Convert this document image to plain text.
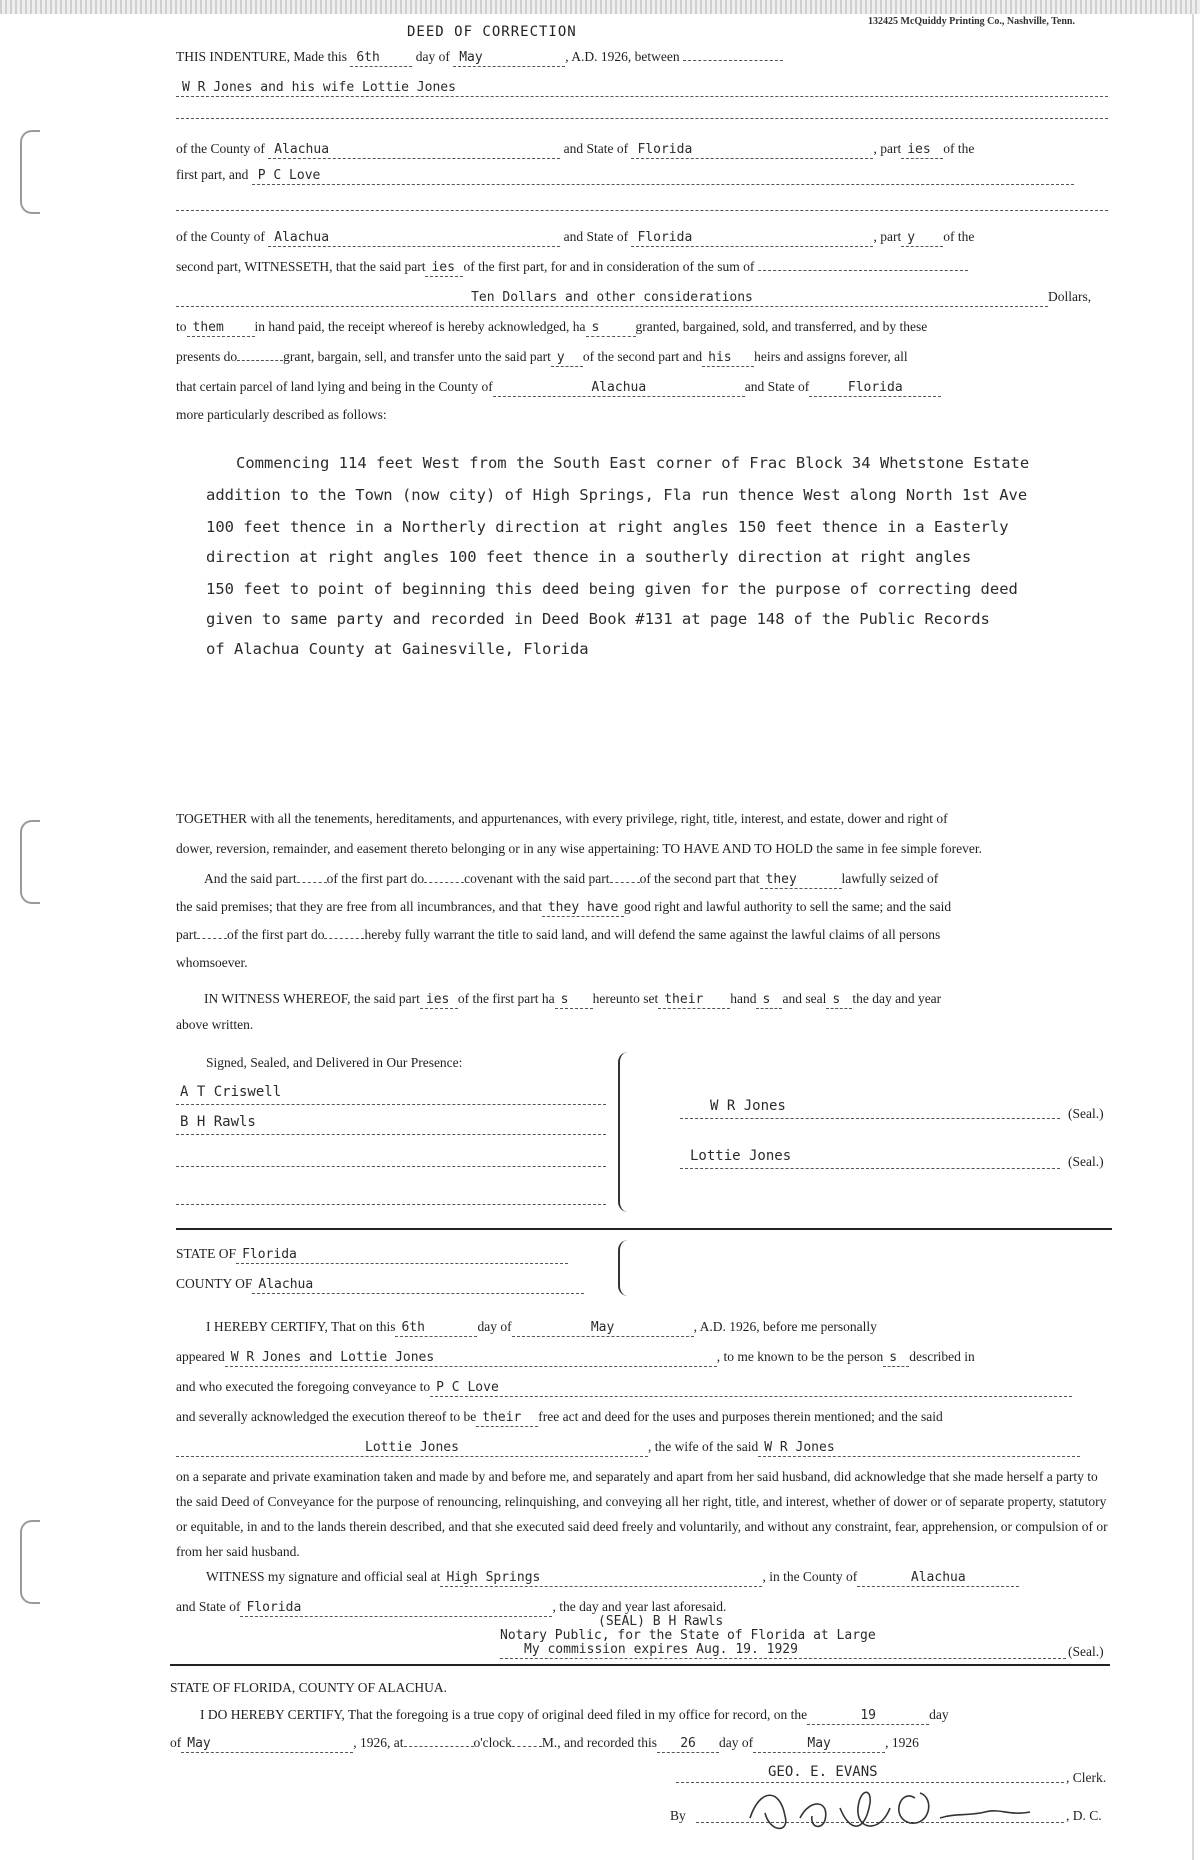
132425 McQuiddy Printing Co., Nashville, Tenn.
DEED OF CORRECTION
THIS INDENTURE, Made this 6th	day of May	, A.D. 1926, between
W R Jones and his wife Lottie Jones
of the County of Alachua	and State of Florida	, part ies of the
first part, and P C Love
of the County of Alachua	and State of Florida	, part y of the
second part, WITNESSETH, that the said part ies of the first part, for and in consideration of the sum of
Ten Dollars and other considerations	Dollars,
to them in hand paid, the receipt whereof is hereby acknowledged, ha s	granted, bargained, sold, and transferred, and by these
presents do	grant, bargain, sell, and transfer unto the said part y of the second part and his heirs and assigns forever, all
that certain parcel of land lying and being in the County of	Alachua	and State of	Florida
more particularly described as follows:
Commencing 114 feet West from the South East corner of Frac Block 34 Whetstone Estate
addition to the Town (now city) of High Springs, Fla run thence West along North 1st Ave
100 feet thence in a Northerly direction at right angles 150 feet thence in a Easterly
direction at right angles 100 feet thence in a southerly direction at right angles
150 feet to point of beginning this deed being given for the purpose of correcting deed
given to same party and recorded in Deed Book #131 at page 148 of the Public Records
of Alachua County at Gainesville, Florida
TOGETHER with all the tenements, hereditaments, and appurtenances, with every privilege, right, title, interest, and estate, dower and right of
dower, reversion, remainder, and easement thereto belonging or in any wise appertaining: TO HAVE AND TO HOLD the same in fee simple forever.
And the said part of the first part do	covenant with the said part of the second part that they	lawfully seized of
the said premises; that they are free from all incumbrances, and that they have good right and lawful authority to sell the same; and the said
part of the first part do	hereby fully warrant the title to said land, and will defend the same against the lawful claims of all persons
whomsoever.
IN WITNESS WHEREOF, the said part ies of the first part ha s hereunto set their hand s and seal s the day and year
above written.
Signed, Sealed, and Delivered in Our Presence:
A T Criswell
B H Rawls
W R Jones	(Seal.)
Lottie Jones	(Seal.)
STATE OF Florida
COUNTY OF Alachua
I HEREBY CERTIFY, That on this 6th	day of	May	, A.D. 1926, before me personally
appeared W R Jones and Lottie Jones	, to me known to be the person s described in
and who executed the foregoing conveyance to P C Love
and severally acknowledged the execution thereof to be their free act and deed for the uses and purposes therein mentioned; and the said
Lottie Jones	, the wife of the said W R Jones
on a separate and private examination taken and made by and before me, and separately and apart from her said husband, did acknowledge that she made herself a party to the said Deed of Conveyance for the purpose of renouncing, relinquishing, and conveying all her right, title, and interest, whether of dower or of separate property, statutory or equitable, in and to the lands therein described, and that she executed said deed freely and voluntarily, and without any constraint, fear, apprehension, or compulsion of or from her said husband.
WITNESS my signature and official seal at High Springs	, in the County of	Alachua
and State of Florida	, the day and year last aforesaid.
(SEAL) B H Rawls
Notary Public, for the State of Florida at Large
My commission expires Aug. 19. 1929	(Seal.)
STATE OF FLORIDA, COUNTY OF ALACHUA.
I DO HEREBY CERTIFY, That the foregoing is a true copy of original deed filed in my office for record, on the	19	day
of May	, 1926, at	o'clock M., and recorded this 26 day of	May	, 1926
GEO. E. EVANS	, Clerk.
By	, D. C.
